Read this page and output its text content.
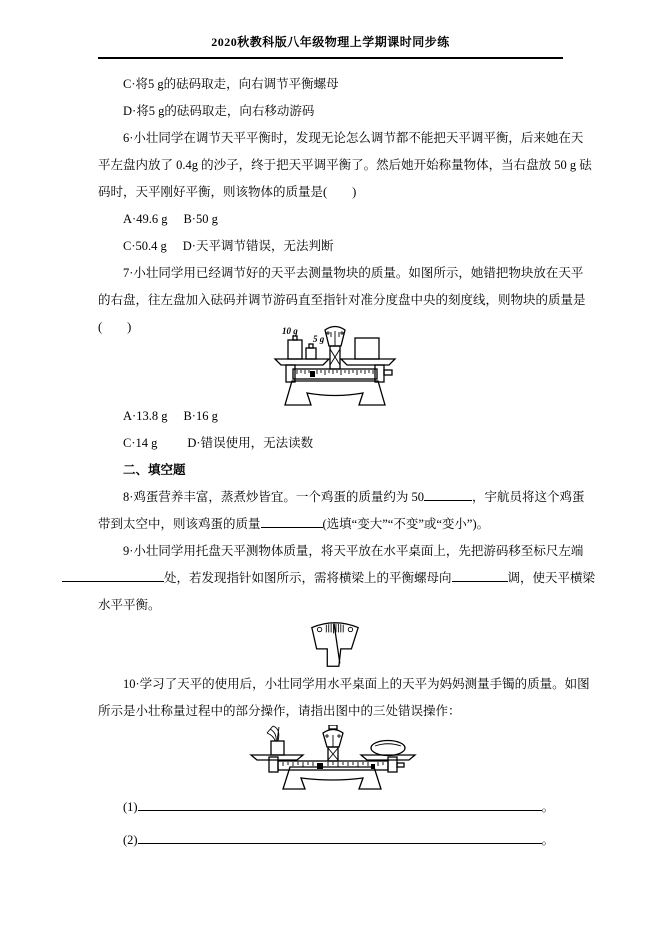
2020秋教科版八年级物理上学期课时同步练
C·将5 g的砝码取走，向右调节平衡螺母
D·将5 g的砝码取走，向右移动游码
6·小壮同学在调节天平平衡时，发现无论怎么调节都不能把天平调平衡，后来她在天
平左盘内放了 0.4g 的沙子，终于把天平调平衡了。然后她开始称量物体，当右盘放 50 g 砝
码时，天平刚好平衡，则该物体的质量是(　　)
A·49.6 g B·50 g
C·50.4 g D·天平调节错误，无法判断
7·小壮同学用已经调节好的天平去测量物块的质量。如图所示，她错把物块放在天平
的右盘，往左盘加入砝码并调节游码直至指针对准分度盘中央的刻度线，则物块的质量是
(　　)	10 g
5 g
A·13.8 g B·16 g
C·14 g D·错误使用，无法读数
二、填空题
8·鸡蛋营养丰富，蒸煮炒皆宜。一个鸡蛋的质量约为 50	，宇航员将这个鸡蛋
带到太空中，则该鸡蛋的质量	(选填“变大”“不变”或“变小”)。
9·小壮同学用托盘天平测物体质量，将天平放在水平桌面上，先把游码移至标尺左端
处，若发现指针如图所示，需将横梁上的平衡螺母向	调，使天平横梁
水平平衡。
10·学习了天平的使用后，小壮同学用水平桌面上的天平为妈妈测量手镯的质量。如图
所示是小壮称量过程中的部分操作，请指出图中的三处错误操作：
(1)	。
(2)	。
